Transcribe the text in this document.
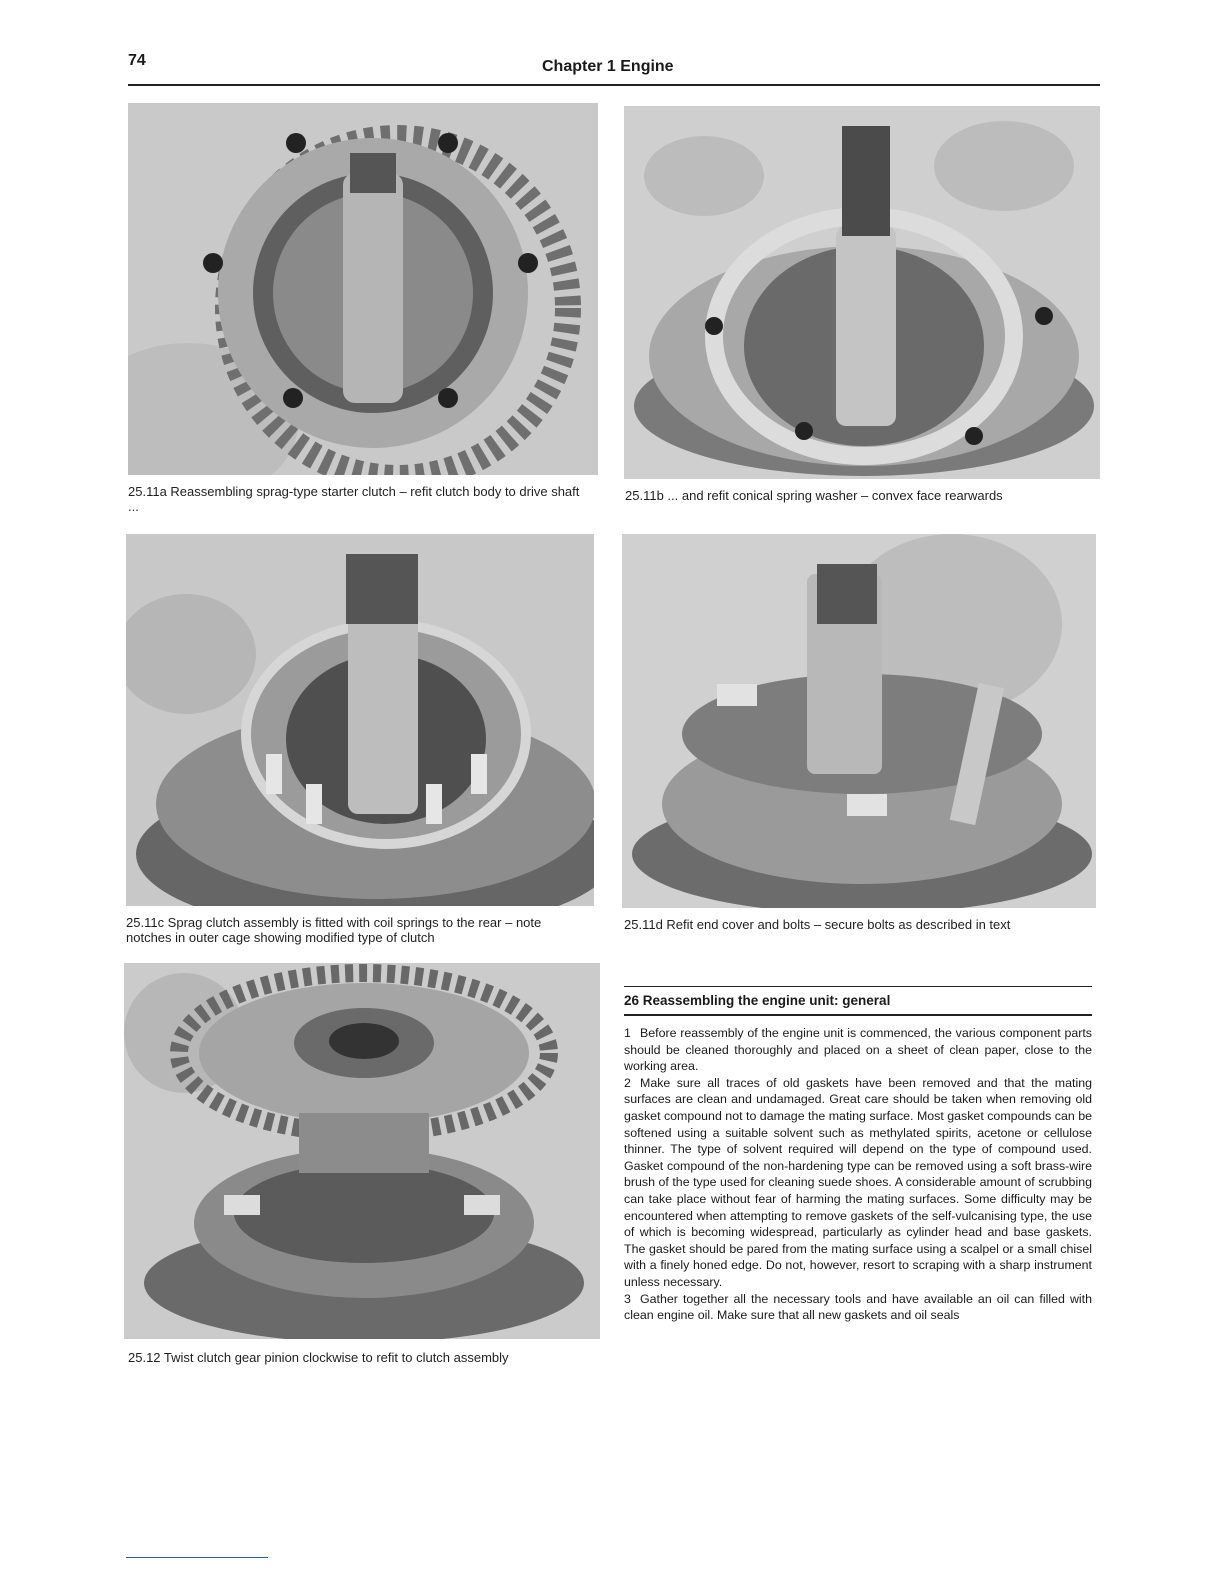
74	Chapter 1 Engine
25.11a Reassembling sprag-type starter clutch – refit clutch body to drive shaft ...
25.11b ... and refit conical spring washer – convex face rearwards
25.11c Sprag clutch assembly is fitted with coil springs to the rear – note notches in outer cage showing modified type of clutch
25.11d Refit end cover and bolts – secure bolts as described in text
25.12 Twist clutch gear pinion clockwise to refit to clutch assembly
26 Reassembling the engine unit: general

1 Before reassembly of the engine unit is commenced, the various component parts should be cleaned thoroughly and placed on a sheet of clean paper, close to the working area.

2 Make sure all traces of old gaskets have been removed and that the mating surfaces are clean and undamaged. Great care should be taken when removing old gasket compound not to damage the mating surface. Most gasket compounds can be softened using a suitable solvent such as methylated spirits, acetone or cellulose thinner. The type of solvent required will depend on the type of compound used. Gasket compound of the non-hardening type can be removed using a soft brass-wire brush of the type used for cleaning suede shoes. A considerable amount of scrubbing can take place without fear of harming the mating surfaces. Some difficulty may be encountered when attempting to remove gaskets of the self-vulcanising type, the use of which is becoming widespread, particularly as cylinder head and base gaskets. The gasket should be pared from the mating surface using a scalpel or a small chisel with a finely honed edge. Do not, however, resort to scraping with a sharp instrument unless necessary.

3 Gather together all the necessary tools and have available an oil can filled with clean engine oil. Make sure that all new gaskets and oil seals
